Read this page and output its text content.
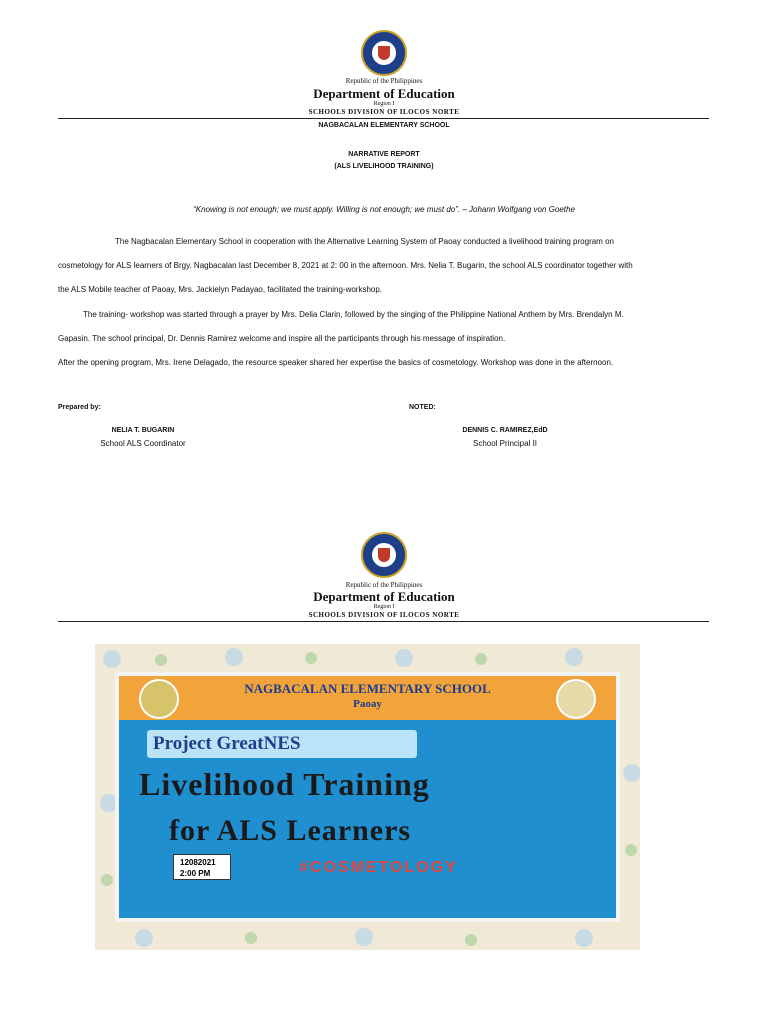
Republic of the Philippines
Department of Education
Region I
SCHOOLS DIVISION OF ILOCOS NORTE
NAGBACALAN ELEMENTARY SCHOOL
NARRATIVE REPORT
(ALS LIVELIHOOD TRAINING)
“Knowing is not enough; we must apply. Willing is not enough; we must do”. – Johann Wolfgang von Goethe
The Nagbacalan Elementary School in cooperation with the Alternative Learning System of Paoay conducted a livelihood training program on
cosmetology for ALS learners of Brgy. Nagbacalan last December 8, 2021 at 2: 00 in the afternoon. Mrs. Nelia T. Bugarin, the school ALS coordinator together with
the ALS Mobile teacher of Paoay, Mrs. Jackielyn Padayao, facilitated the training-workshop.
The training- workshop was started through a prayer by Mrs. Delia Clarin, followed by the singing of the Philippine National Anthem by Mrs. Brendalyn M.
Gapasin. The school principal, Dr. Dennis Ramirez welcome and inspire all the participants through his message of inspiration.
After the opening program, Mrs. Irene Delagado, the resource speaker shared her expertise the basics of cosmetology. Workshop was done in the afternoon.
Prepared by:	NOTED:
NELIA T. BUGARIN
School ALS Coordinator
DENNIS C. RAMIREZ,EdD
School Principal II
Republic of the Philippines
Department of Education
Region I
SCHOOLS DIVISION OF ILOCOS NORTE
NAGBACALAN ELEMENTARY SCHOOL
Paoay
Project GreatNES
Livelihood Training
for ALS Learners
#COSMETOLOGY
12082021
2:00 PM
